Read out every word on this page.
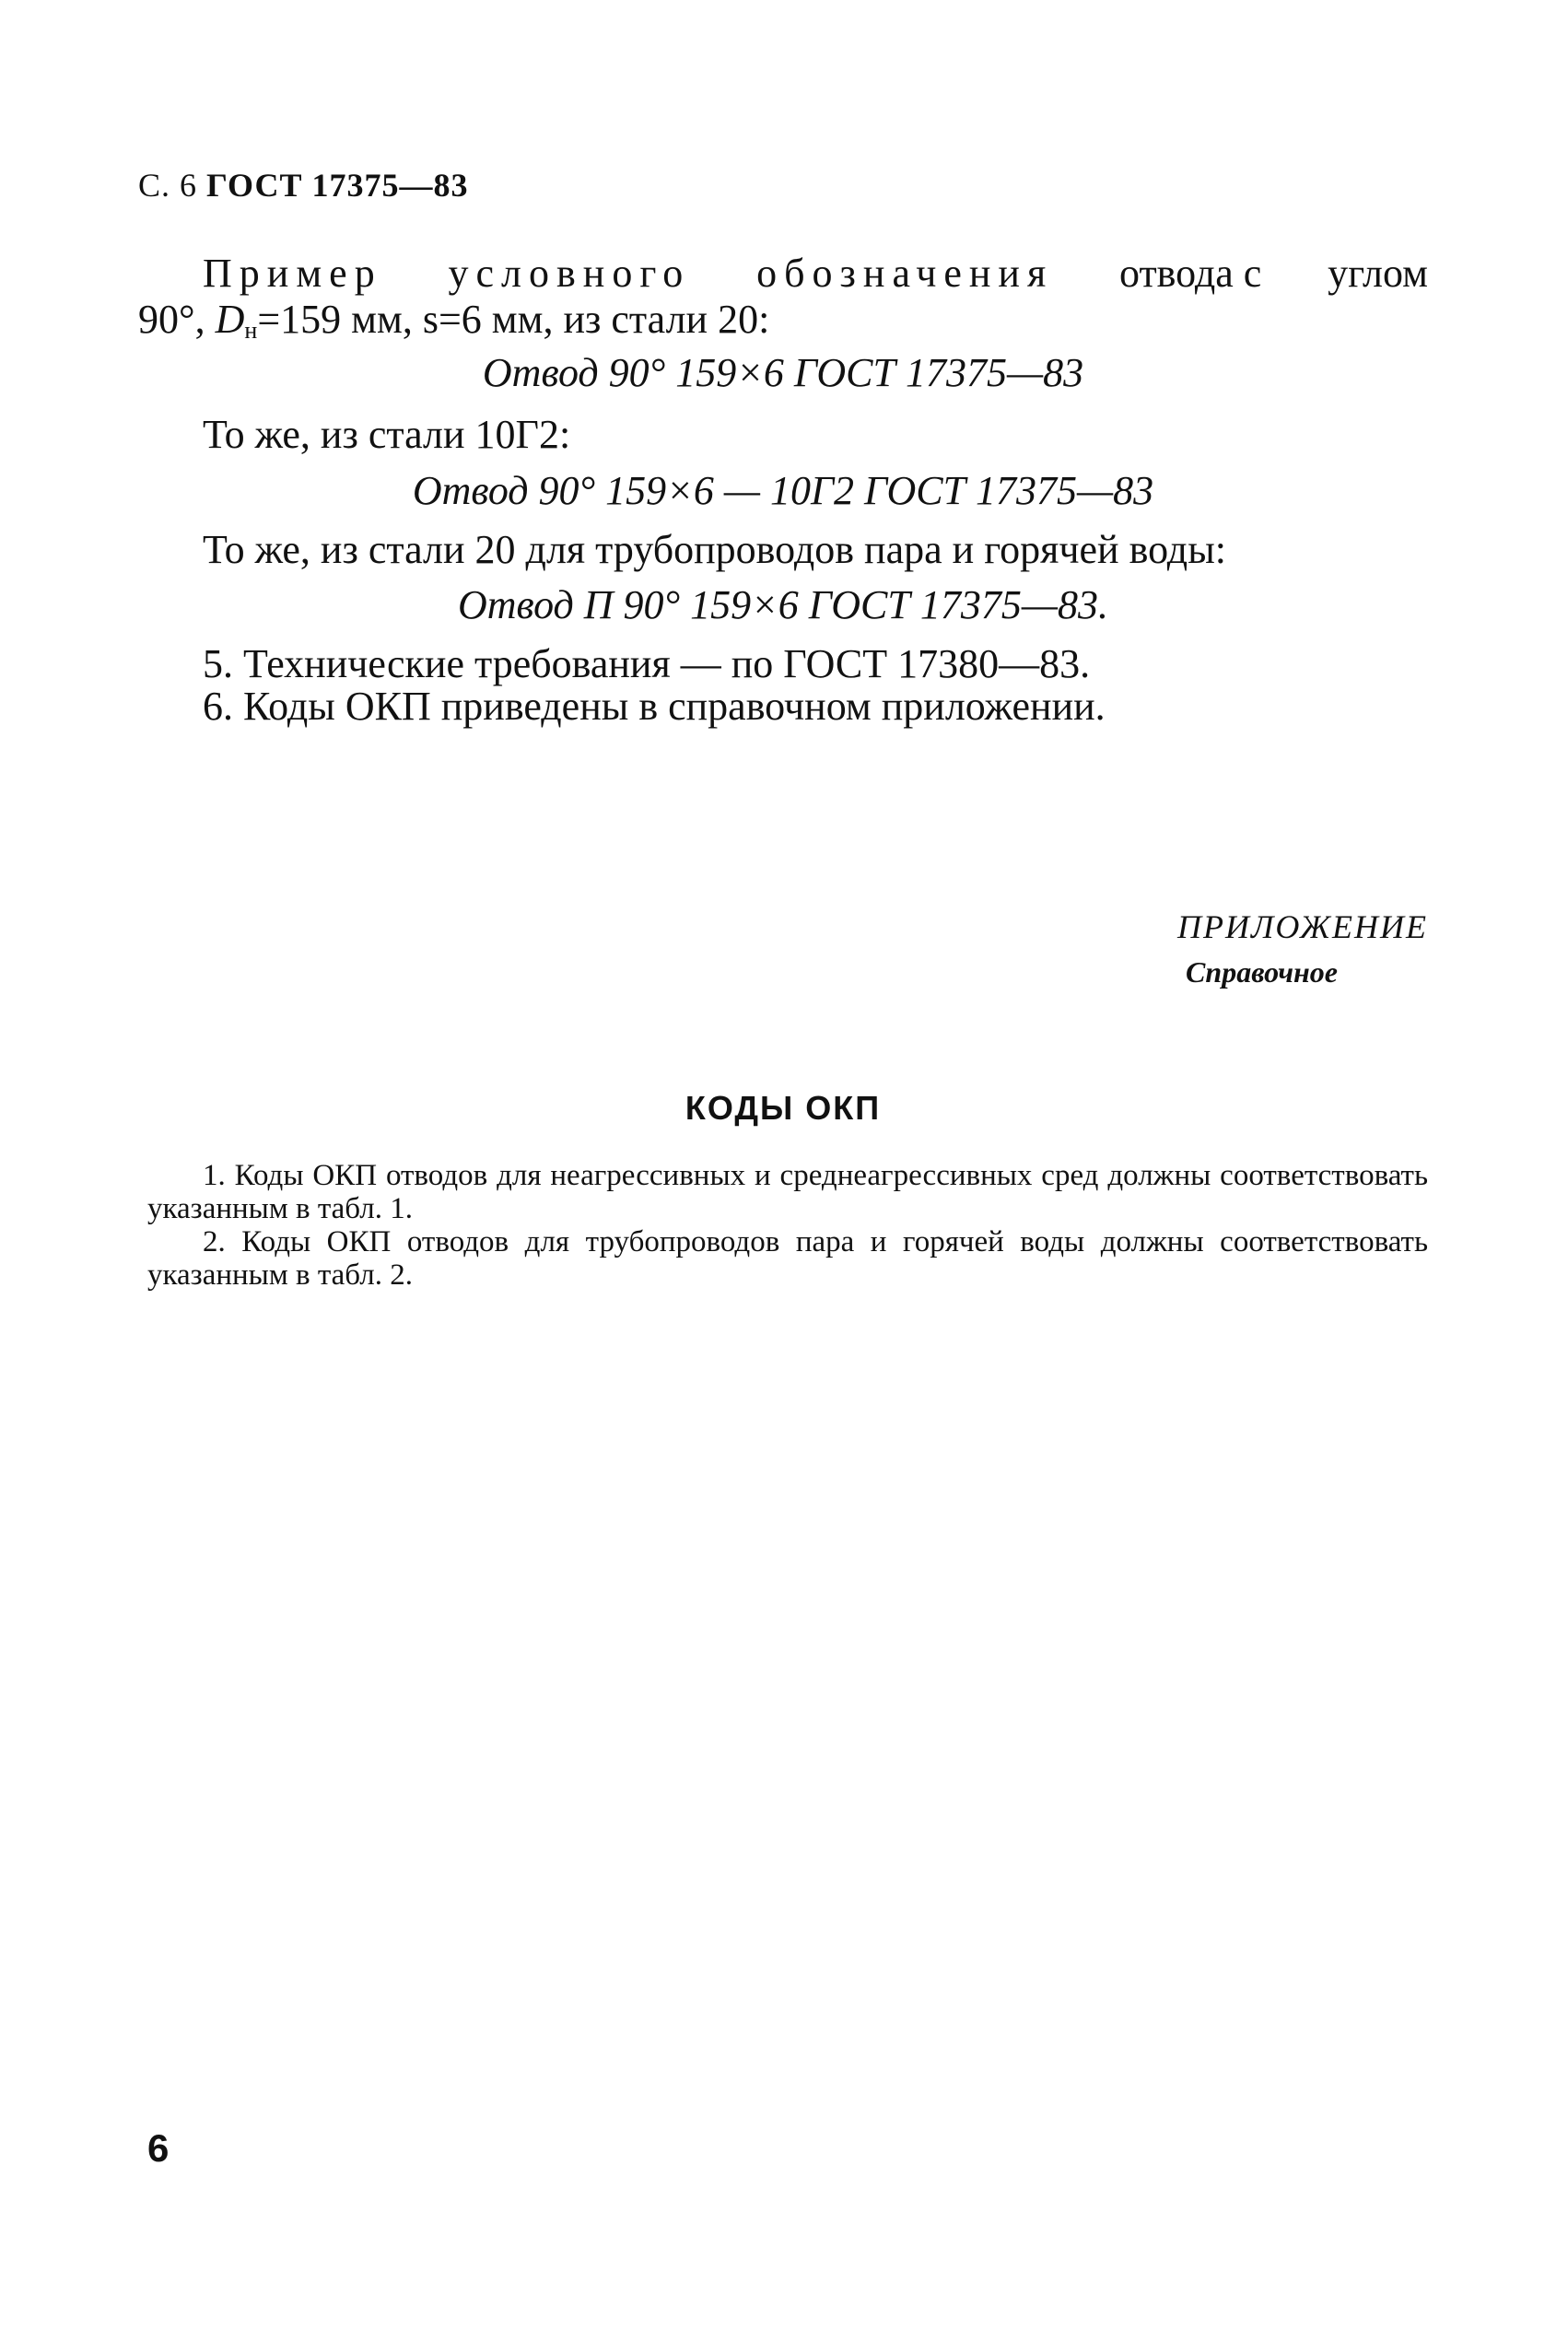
С. 6 ГОСТ 17375—83
Пример условного обозначения отвода с углом
90°, $D_н=159$ мм, s=6 мм, из стали 20:
Отвод 90° 159×6 ГОСТ 17375—83
То же, из стали 10Г2:
Отвод 90° 159×6 — 10Г2 ГОСТ 17375—83
То же, из стали 20 для трубопроводов пара и горячей воды:
Отвод П 90° 159×6 ГОСТ 17375—83.
5. Технические требования — по ГОСТ 17380—83.
6. Коды ОКП приведены в справочном приложении.
ПРИЛОЖЕНИЕ
Справочное
КОДЫ ОКП
1. Коды ОКП отводов для неагрессивных и среднеагрессивных сред должны соответствовать указанным в табл. 1.
2. Коды ОКП отводов для трубопроводов пара и горячей воды должны соответствовать указанным в табл. 2.
6
